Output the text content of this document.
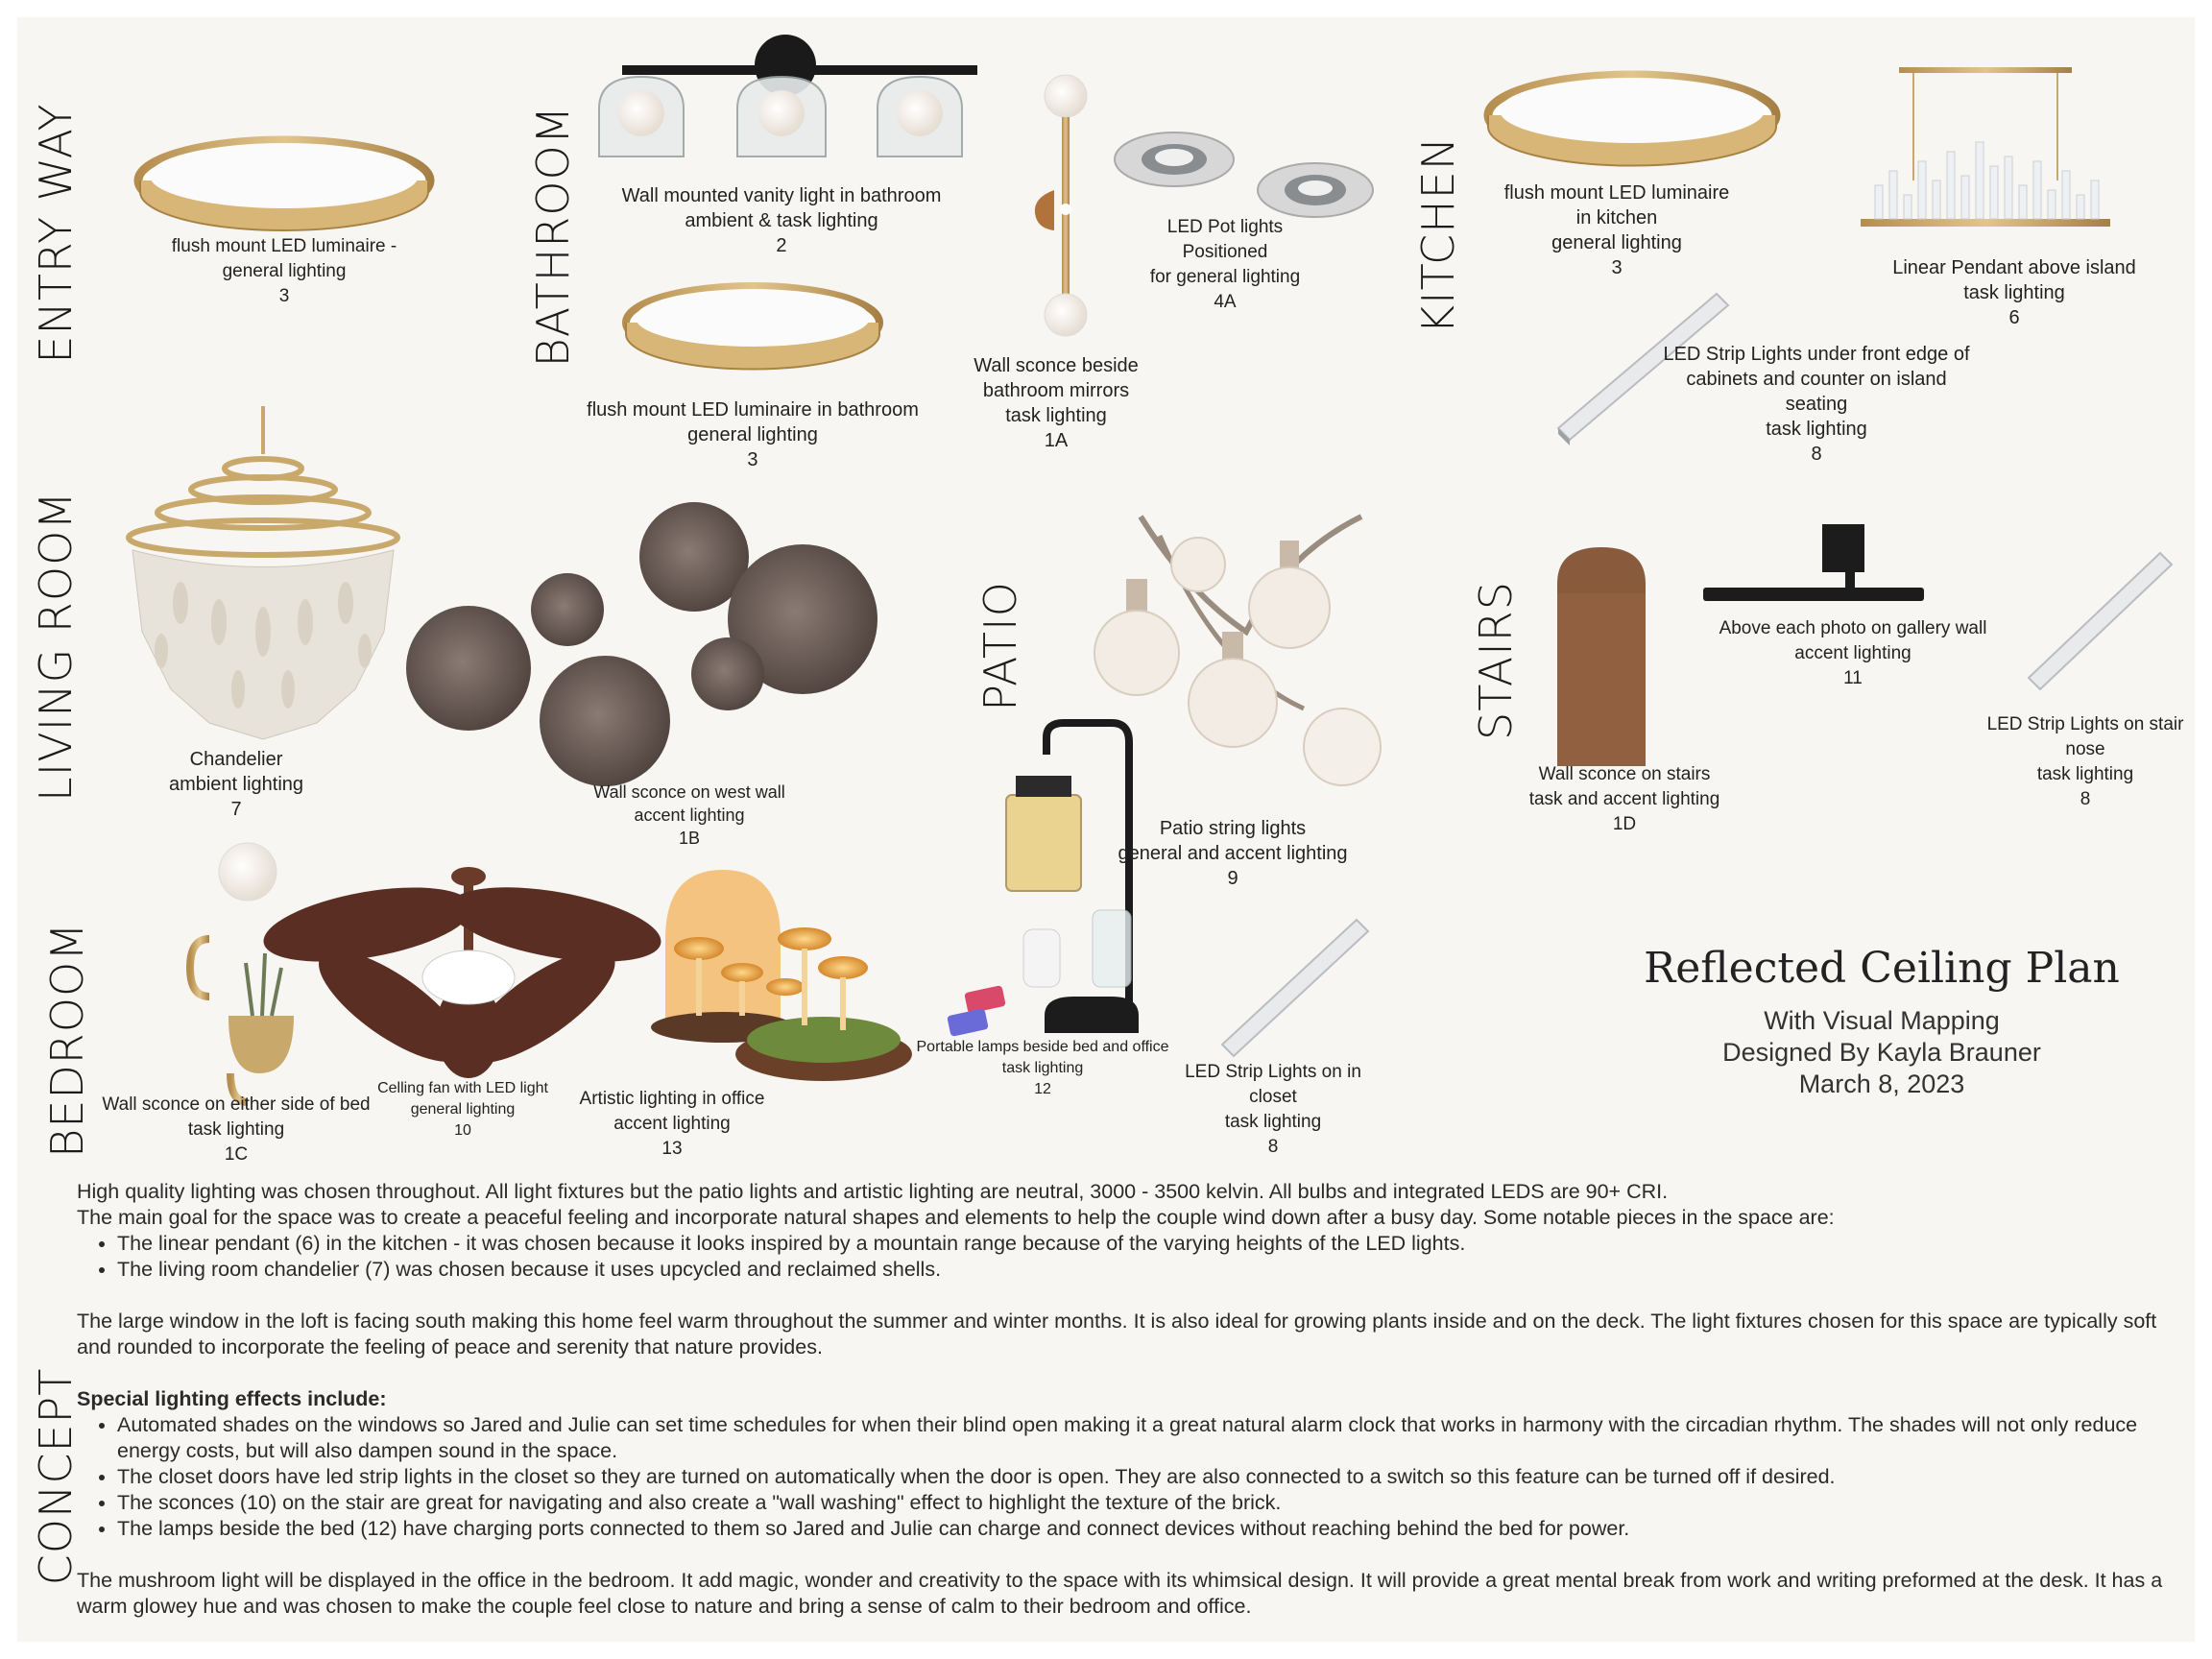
ENTRY WAY	BATHROOM	KITCHEN
LIVING ROOM	PATIO	STAIRS
BEDROOM
CONCEPT
flush mount LED luminaire -
general lighting
3
Wall mounted vanity light in bathroom
ambient & task lighting
2
flush mount LED luminaire in bathroom
general lighting
3
Wall sconce beside
bathroom mirrors
task lighting
1A
LED Pot lights
Positioned
for general lighting
4A
flush mount LED luminaire
in kitchen
general lighting
3	Linear Pendant above island
task lighting
6
LED Strip Lights under front edge of
cabinets and counter on island
seating
task lighting
8
Chandelier
ambient lighting
7
Wall sconce on west wall
accent lighting
1B	Patio string lights
general and accent lighting
9
Above each photo on gallery wall
accent lighting
11
Wall sconce on stairs
task and accent lighting
1D
LED Strip Lights on stair
nose
task lighting
8
Wall sconce on either side of bed
task lighting
1C
Celling fan with LED light
general lighting
10
Artistic lighting in office
accent lighting
13
Portable lamps beside bed and office
task lighting
12
LED Strip Lights on in
closet
task lighting
8
Reflected Ceiling Plan
With Visual Mapping
Designed By Kayla Brauner
March 8, 2023

High quality lighting was chosen throughout. All light fixtures but the patio lights and artistic lighting are neutral, 3000 - 3500 kelvin. All bulbs and integrated LEDS are 90+ CRI.

The main goal for the space was to create a peaceful feeling and incorporate natural shapes and elements to help the couple wind down after a busy day. Some notable pieces in the space are:

• The linear pendant (6) in the kitchen - it was chosen because it looks inspired by a mountain range because of the varying heights of the LED lights.
• The living room chandelier (7) was chosen because it uses upcycled and reclaimed shells.

The large window in the loft is facing south making this home feel warm throughout the summer and winter months. It is also ideal for growing plants inside and on the deck. The light fixtures chosen for this space are typically soft and rounded to incorporate the feeling of peace and serenity that nature provides.

Special lighting effects include:

• Automated shades on the windows so Jared and Julie can set time schedules for when their blind open making it a great natural alarm clock that works in harmony with the circadian rhythm. The shades will not only reduce energy costs, but will also dampen sound in the space.
• The closet doors have led strip lights in the closet so they are turned on automatically when the door is open. They are also connected to a switch so this feature can be turned off if desired.
• The sconces (10) on the stair are great for navigating and also create a "wall washing" effect to highlight the texture of the brick.
• The lamps beside the bed (12) have charging ports connected to them so Jared and Julie can charge and connect devices without reaching behind the bed for power.

The mushroom light will be displayed in the office in the bedroom. It add magic, wonder and creativity to the space with its whimsical design. It will provide a great mental break from work and writing preformed at the desk. It has a warm glowey hue and was chosen to make the couple feel close to nature and bring a sense of calm to their bedroom and office.
